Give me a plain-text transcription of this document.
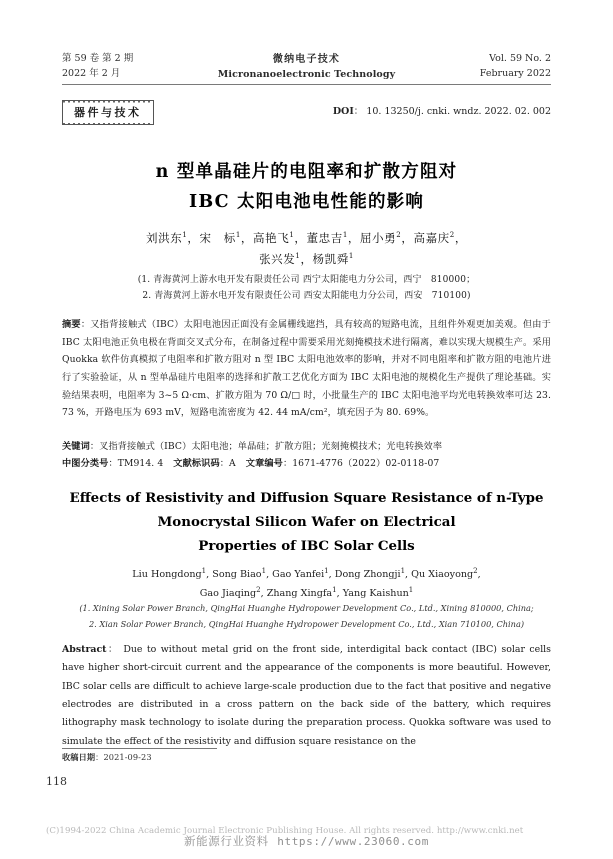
第 59 卷 第 2 期
2022 年 2 月
微纳电子技术
Micronanoelectronic Technology
Vol. 59 No. 2
February 2022
器件与技术	DOI： 10. 13250/j. cnki. wndz. 2022. 02. 002
n 型单晶硅片的电阻率和扩散方阻对
IBC 太阳电池电性能的影响
刘洪东$^1$，宋　标$^1$，高艳飞$^1$，董忠吉$^1$，屈小勇$^2$，高嘉庆$^2$，
张兴发$^1$，杨凯舜$^1$
(1. 青海黄河上游水电开发有限责任公司 西宁太阳能电力分公司，西宁　810000；
2. 青海黄河上游水电开发有限责任公司 西安太阳能电力分公司，西安　710100)
摘要：又指背接触式（IBC）太阳电池因正面没有金属栅线遮挡，具有较高的短路电流，且组件外观更加美观。但由于 IBC 太阳电池正负电极在背面交叉式分布，在制备过程中需要采用光刻掩模技术进行隔离，难以实现大规模生产。采用 Quokka 软件仿真模拟了电阻率和扩散方阻对 n 型 IBC 太阳电池效率的影响，并对不同电阻率和扩散方阻的电池片进行了实验验证，从 n 型单晶硅片电阻率的选择和扩散工艺优化方面为 IBC 太阳电池的规模化生产提供了理论基础。实验结果表明，电阻率为 3~5 Ω·cm、扩散方阻为 70 Ω/□ 时，小批量生产的 IBC 太阳电池平均光电转换效率可达 23. 73 %，开路电压为 693 mV，短路电流密度为 42. 44 mA/cm²，填充因子为 80. 69%。
关键词：叉指背接触式（IBC）太阳电池；单晶硅；扩散方阻；光刻掩模技术；光电转换效率
中图分类号：TM914. 4 文献标识码：A 文章编号：1671-4776（2022）02-0118-07
Effects of Resistivity and Diffusion Square Resistance of n-Type
Monocrystal Silicon Wafer on Electrical
Properties of IBC Solar Cells
Liu Hongdong$^1$, Song Biao$^1$, Gao Yanfei$^1$, Dong Zhongji$^1$, Qu Xiaoyong$^2$,
Gao Jiaqing$^2$, Zhang Xingfa$^1$, Yang Kaishun$^1$
(1. Xining Solar Power Branch, QingHai Huanghe Hydropower Development Co., Ltd., Xining 810000, China;
2. Xian Solar Power Branch, QingHai Huanghe Hydropower Development Co., Ltd., Xian 710100, China)
Abstract： Due to without metal grid on the front side, interdigital back contact (IBC) solar cells have higher short-circuit current and the appearance of the components is more beautiful. However, IBC solar cells are difficult to achieve large-scale production due to the fact that positive and negative electrodes are distributed in a cross pattern on the back side of the battery, which requires lithography mask technology to isolate during the preparation process. Quokka software was used to simulate the effect of the resistivity and diffusion square resistance on the
收稿日期：2021-09-23
118
(C)1994-2022 China Academic Journal Electronic Publishing House. All rights reserved. http://www.cnki.net
新能源行业资料 https://www.23060.com
